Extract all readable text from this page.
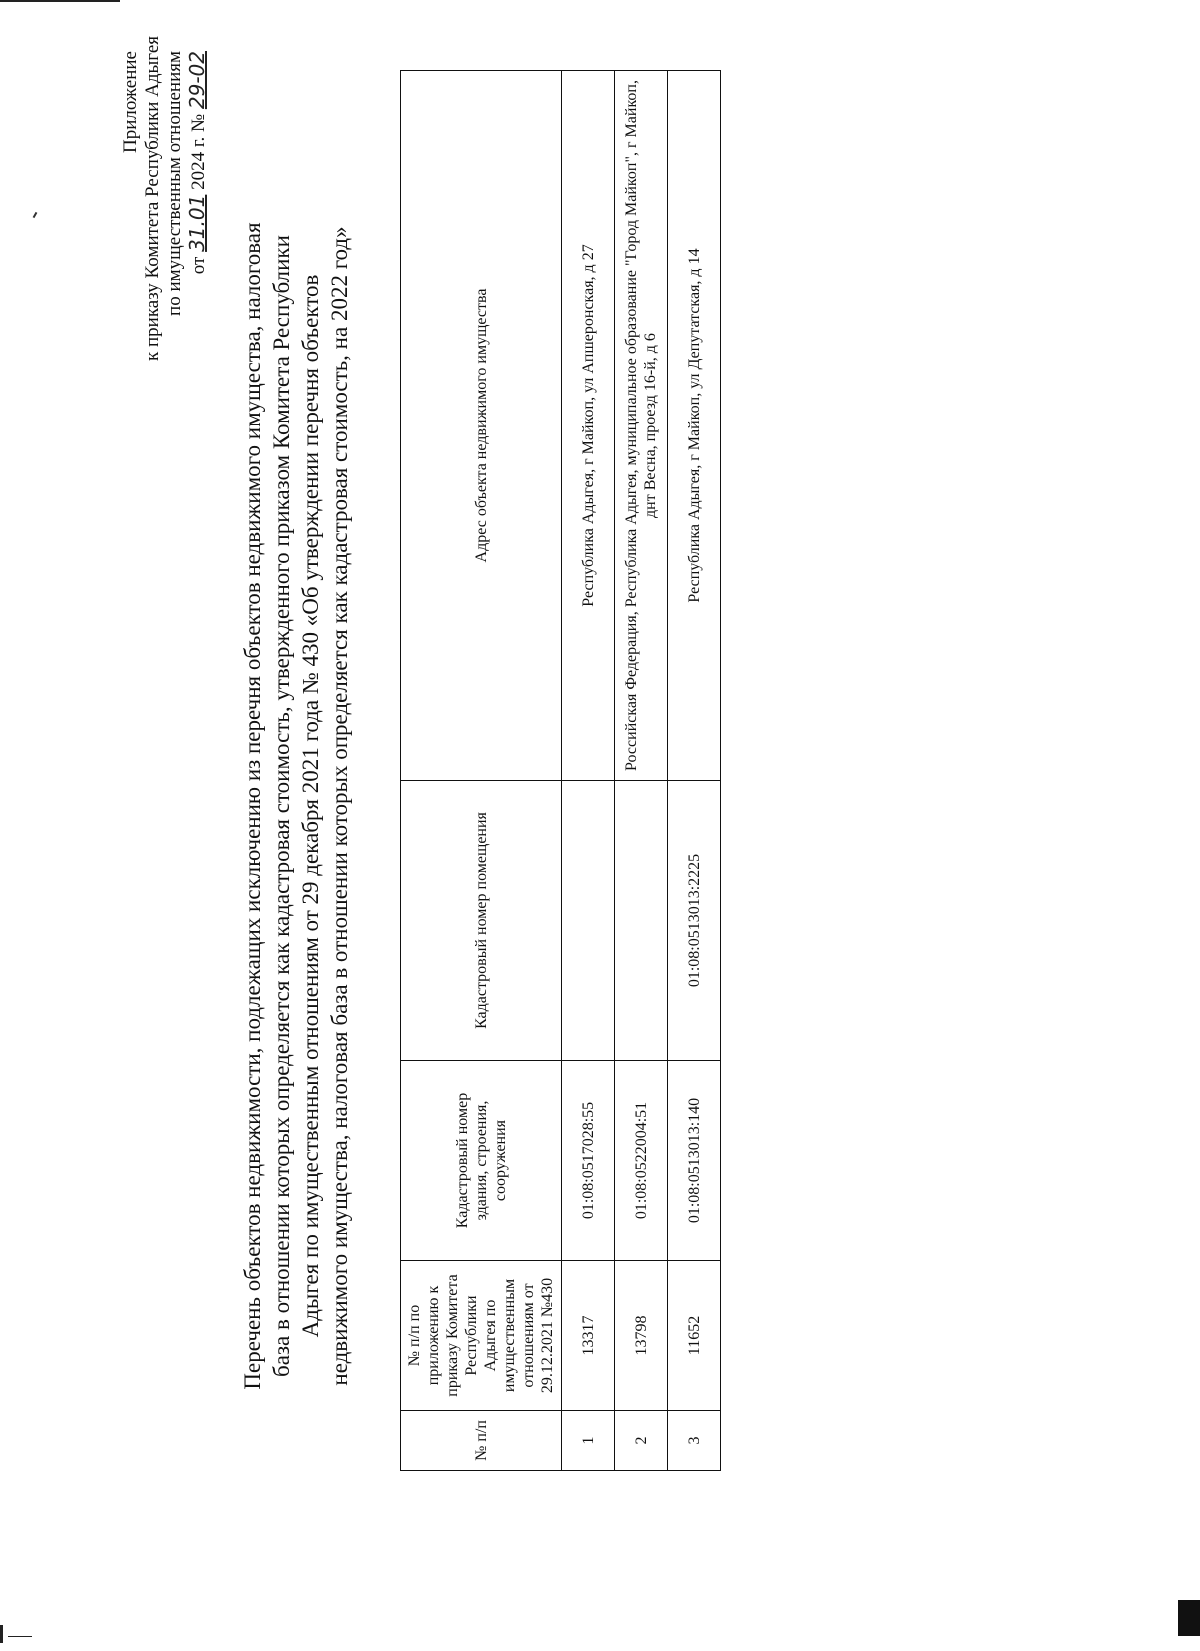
Приложение к приказу Комитета Республики Адыгея по имущественным отношениям от 31.01 2024 г. № 29-02
Перечень объектов недвижимости, подлежащих исключению из перечня объектов недвижимого имущества, налоговая база в отношении которых определяется как кадастровая стоимость, утвержденного приказом Комитета Республики Адыгея по имущественным отношениям от 29 декабря 2021 года № 430 «Об утверждении перечня объектов недвижимого имущества, налоговая база в отношении которых определяется как кадастровая стоимость, на 2022 год»
№ п/п	№ п/п по приложению к приказу Комитета Республики Адыгея по имущественным отношениям от 29.12.2021 №430	Кадастровый номер здания, строения, сооружения	Кадастровый номер помещения	Адрес объекта недвижимого имущества
1	13317	01:08:0517028:55		Республика Адыгея, г Майкоп, ул Апшеронская, д 27
2	13798	01:08:0522004:51		Российская Федерация, Республика Адыгея, муниципальное образование "Город Майкоп", г Майкоп, днт Весна, проезд 16-й, д 6
3	11652	01:08:0513013:140	01:08:0513013:2225	Республика Адыгея, г Майкоп, ул Депутатская, д 14
